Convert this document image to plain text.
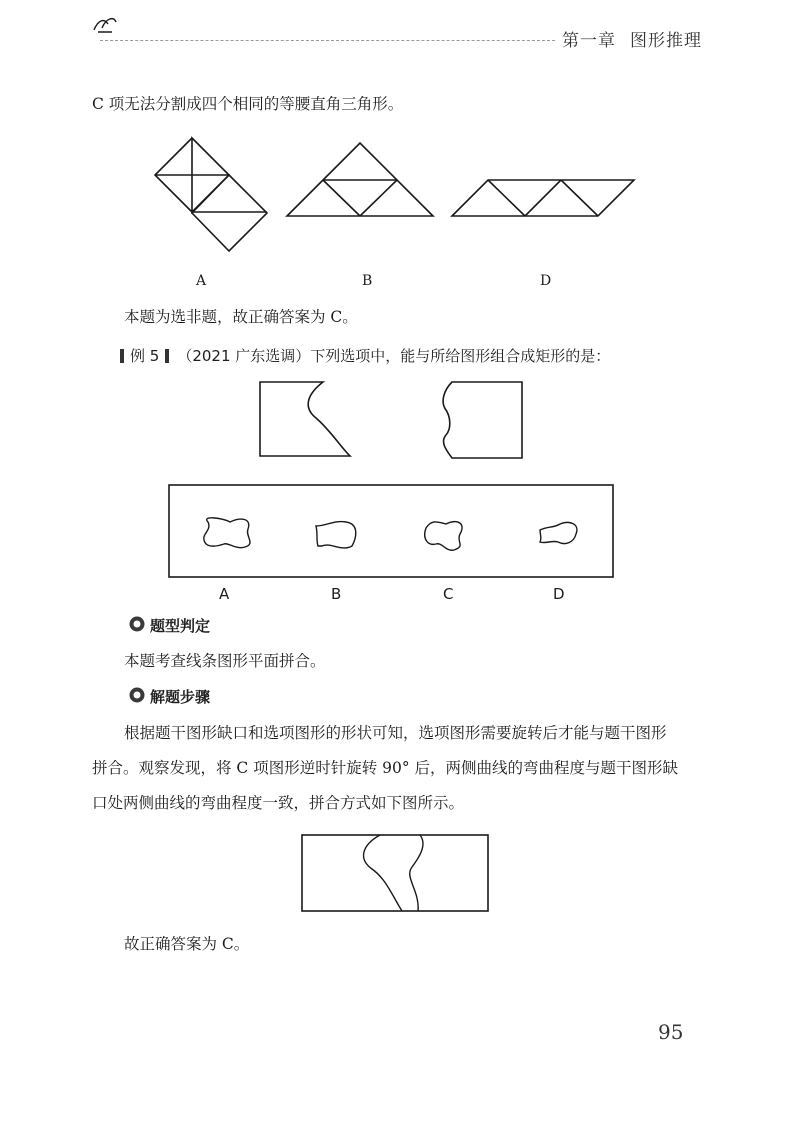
第一章 图形推理
C 项无法分割成四个相同的等腰直角三角形。
A	B	D
本题为选非题，故正确答案为 C。
例 5 （2021 广东选调）下列选项中，能与所给图形组合成矩形的是：
A	B	C	D
题型判定
本题考查线条图形平面拼合。
解题步骤
根据题干图形缺口和选项图形的形状可知，选项图形需要旋转后才能与题干图形
拼合。观察发现，将 C 项图形逆时针旋转 90° 后，两侧曲线的弯曲程度与题干图形缺
口处两侧曲线的弯曲程度一致，拼合方式如下图所示。
故正确答案为 C。
95
